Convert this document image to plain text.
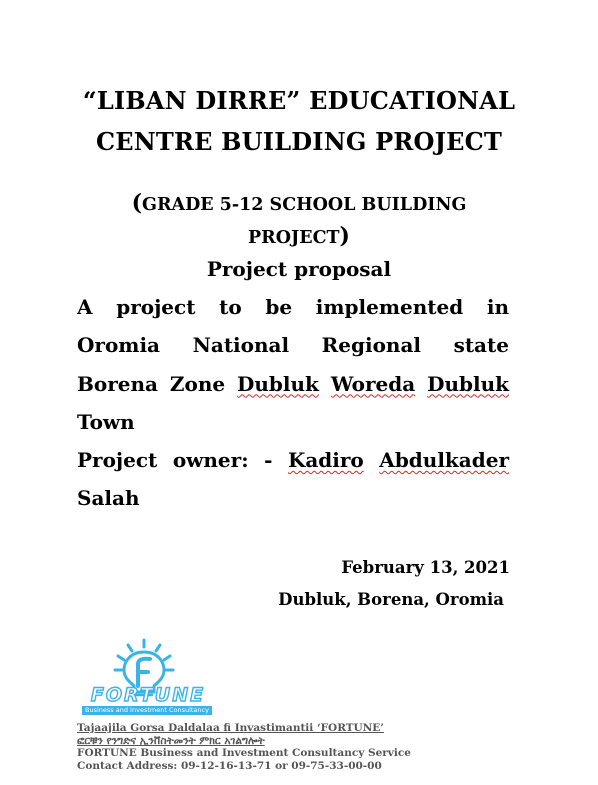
“LIBAN DIRRE” EDUCATIONAL
CENTRE BUILDING PROJECT
(GRADE 5-12 SCHOOL BUILDING
PROJECT)
Project proposal
A project to be implemented in
Oromia National Regional state
Borena Zone Dubluk Woreda Dubluk
Town
Project owner: - Kadiro Abdulkader
Salah
February 13, 2021
Dubluk, Borena, Oromia
FORTUNE
Business and Investment Consultancy
Tajaajila Gorsa Daldalaa fi Invastimantii ‘FORTUNE’
ፎርቹን የንግድና ኢንቨስትመንት ምክር አገልግሎት
FORTUNE Business and Investment Consultancy Service
Contact Address: 09-12-16-13-71 or 09-75-33-00-00
